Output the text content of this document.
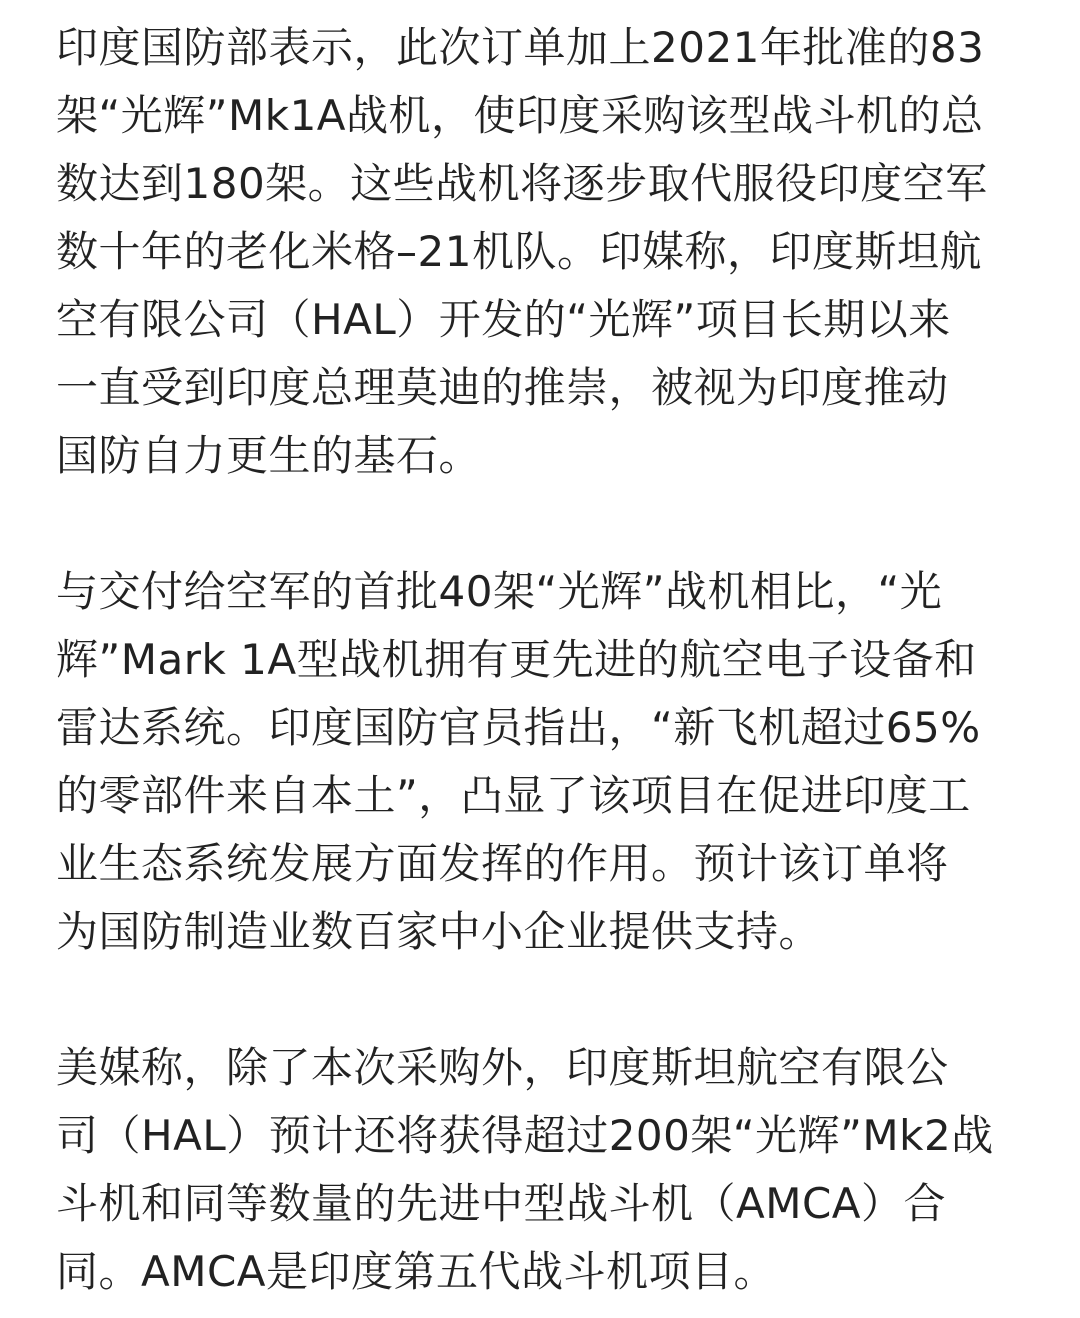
印度国防部表示，此次订单加上2021年批准的83
架“光辉”Mk1A战机，使印度采购该型战斗机的总
数达到180架。这些战机将逐步取代服役印度空军
数十年的老化米格–21机队。印媒称，印度斯坦航
空有限公司（HAL）开发的“光辉”项目长期以来
一直受到印度总理莫迪的推崇，被视为印度推动
国防自力更生的基石。
与交付给空军的首批40架“光辉”战机相比，“光
辉”Mark 1A型战机拥有更先进的航空电子设备和
雷达系统。印度国防官员指出，“新飞机超过65%
的零部件来自本土”，凸显了该项目在促进印度工
业生态系统发展方面发挥的作用。预计该订单将
为国防制造业数百家中小企业提供支持。
美媒称，除了本次采购外，印度斯坦航空有限公
司（HAL）预计还将获得超过200架“光辉”Mk2战
斗机和同等数量的先进中型战斗机（AMCA）合
同。AMCA是印度第五代战斗机项目。
